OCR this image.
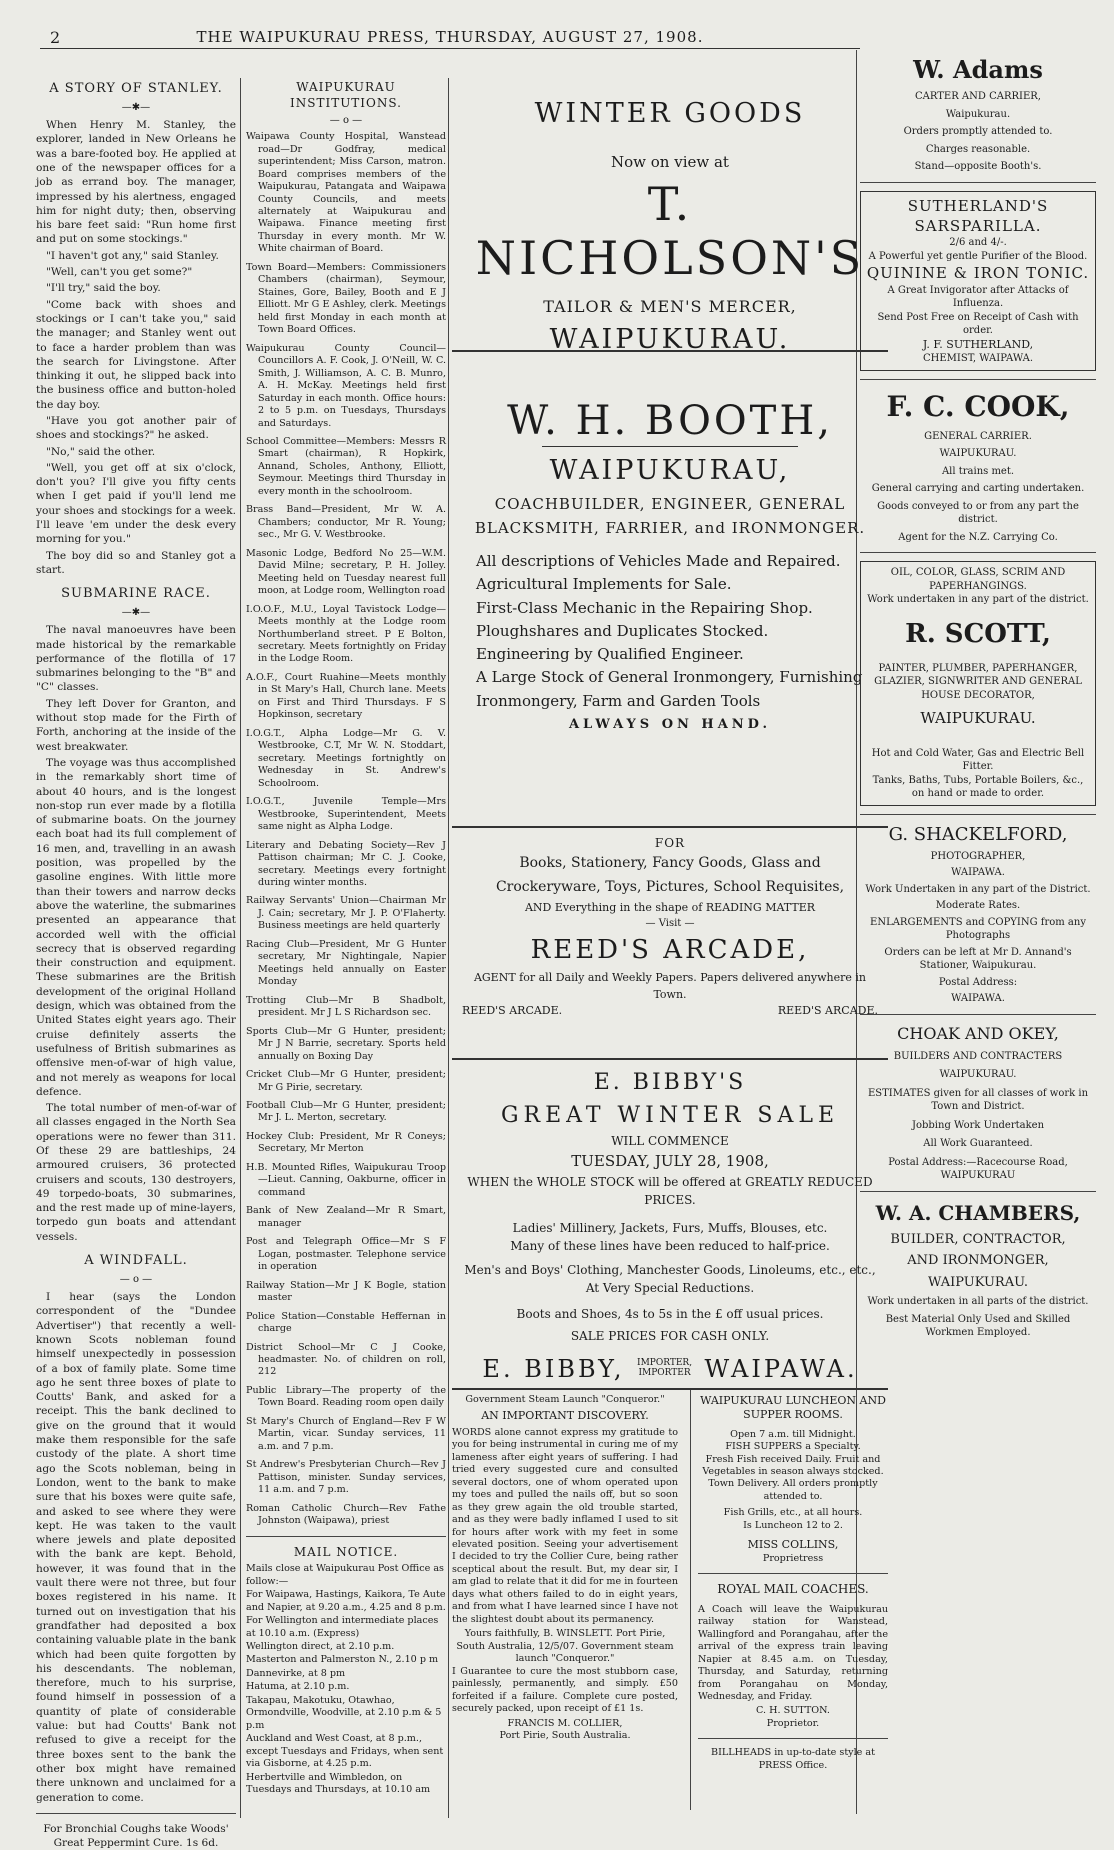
2	THE WAIPUKURAU PRESS, THURSDAY, AUGUST 27, 1908.
A STORY OF STANLEY.
—✱—

When Henry M. Stanley, the explorer, landed in New Orleans he was a bare-footed boy. He applied at one of the newspaper offices for a job as errand boy. The manager, impressed by his alertness, engaged him for night duty; then, observing his bare feet said: "Run home first and put on some stockings."

"I haven't got any," said Stanley.

"Well, can't you get some?"

"I'll try," said the boy.

"Come back with shoes and stockings or I can't take you," said the manager; and Stanley went out to face a harder problem than was the search for Livingstone. After thinking it out, he slipped back into the business office and button-holed the day boy.

"Have you got another pair of shoes and stockings?" he asked.

"No," said the other.

"Well, you get off at six o'clock, don't you? I'll give you fifty cents when I get paid if you'll lend me your shoes and stockings for a week. I'll leave 'em under the desk every morning for you."

The boy did so and Stanley got a start.

SUBMARINE RACE.
—✱—

The naval manoeuvres have been made historical by the remarkable performance of the flotilla of 17 submarines belonging to the "B" and "C" classes.

They left Dover for Granton, and without stop made for the Firth of Forth, anchoring at the inside of the west breakwater.

The voyage was thus accomplished in the remarkably short time of about 40 hours, and is the longest non-stop run ever made by a flotilla of submarine boats. On the journey each boat had its full complement of 16 men, and, travelling in an awash position, was propelled by the gasoline engines. With little more than their towers and narrow decks above the waterline, the submarines presented an appearance that accorded well with the official secrecy that is observed regarding their construction and equipment. These submarines are the British development of the original Holland design, which was obtained from the United States eight years ago. Their cruise definitely asserts the usefulness of British submarines as offensive men-of-war of high value, and not merely as weapons for local defence.

The total number of men-of-war of all classes engaged in the North Sea operations were no fewer than 311. Of these 29 are battleships, 24 armoured cruisers, 36 protected cruisers and scouts, 130 destroyers, 49 torpedo-boats, 30 submarines, and the rest made up of mine-layers, torpedo gun boats and attendant vessels.

A WINDFALL.
— o —

I hear (says the London correspondent of the "Dundee Advertiser") that recently a well-known Scots nobleman found himself unexpectedly in possession of a box of family plate. Some time ago he sent three boxes of plate to Coutts' Bank, and asked for a receipt. This the bank declined to give on the ground that it would make them responsible for the safe custody of the plate. A short time ago the Scots nobleman, being in London, went to the bank to make sure that his boxes were quite safe, and asked to see where they were kept. He was taken to the vault where jewels and plate deposited with the bank are kept. Behold, however, it was found that in the vault there were not three, but four boxes registered in his name. It turned out on investigation that his grandfather had deposited a box containing valuable plate in the bank which had been quite forgotten by his descendants. The nobleman, therefore, much to his surprise, found himself in possession of a quantity of plate of considerable value: but had Coutts' Bank not refused to give a receipt for the three boxes sent to the bank the other box might have remained there unknown and unclaimed for a generation to come.

For Bronchial Coughs take Woods' Great Peppermint Cure. 1s 6d.

WAIPUKURAU INSTITUTIONS.
— o —

Waipawa County Hospital, Wanstead road—Dr Godfray, medical superintendent; Miss Carson, matron. Board comprises members of the Waipukurau, Patangata and Waipawa County Councils, and meets alternately at Waipukurau and Waipawa. Finance meeting first Thursday in every month. Mr W. White chairman of Board.

Town Board—Members: Commissioners Chambers (chairman), Seymour, Staines, Gore, Bailey, Booth and E J Elliott. Mr G E Ashley, clerk. Meetings held first Monday in each month at Town Board Offices.

Waipukurau County Council—Councillors A. F. Cook, J. O'Neill, W. C. Smith, J. Williamson, A. C. B. Munro, A. H. McKay. Meetings held first Saturday in each month. Office hours: 2 to 5 p.m. on Tuesdays, Thursdays and Saturdays.

School Committee—Members: Messrs R Smart (chairman), R Hopkirk, Annand, Scholes, Anthony, Elliott, Seymour. Meetings third Thursday in every month in the schoolroom.

Brass Band—President, Mr W. A. Chambers; conductor, Mr R. Young; sec., Mr G. V. Westbrooke.

Masonic Lodge, Bedford No 25—W.M. David Milne; secretary, P. H. Jolley. Meeting held on Tuesday nearest full moon, at Lodge room, Wellington road

I.O.O.F., M.U., Loyal Tavistock Lodge—Meets monthly at the Lodge room Northumberland street. P E Bolton, secretary. Meets fortnightly on Friday in the Lodge Room.

A.O.F., Court Ruahine—Meets monthly in St Mary's Hall, Church lane. Meets on First and Third Thursdays. F S Hopkinson, secretary

I.O.G.T., Alpha Lodge—Mr G. V. Westbrooke, C.T, Mr W. N. Stoddart, secretary. Meetings fortnightly on Wednesday in St. Andrew's Schoolroom.

I.O.G.T., Juvenile Temple—Mrs Westbrooke, Superintendent, Meets same night as Alpha Lodge.

Literary and Debating Society—Rev J Pattison chairman; Mr C. J. Cooke, secretary. Meetings every fortnight during winter months.

Railway Servants' Union—Chairman Mr J. Cain; secretary, Mr J. P. O'Flaherty. Business meetings are held quarterly

Racing Club—President, Mr G Hunter secretary, Mr Nightingale, Napier Meetings held annually on Easter Monday

Trotting Club—Mr B Shadbolt, president. Mr J L S Richardson sec.

Sports Club—Mr G Hunter, president; Mr J N Barrie, secretary. Sports held annually on Boxing Day

Cricket Club—Mr G Hunter, president; Mr G Pirie, secretary.

Football Club—Mr G Hunter, president; Mr J. L. Merton, secretary.

Hockey Club: President, Mr R Coneys; Secretary, Mr Merton

H.B. Mounted Rifles, Waipukurau Troop—Lieut. Canning, Oakburne, officer in command

Bank of New Zealand—Mr R Smart, manager

Post and Telegraph Office—Mr S F Logan, postmaster. Telephone service in operation

Railway Station—Mr J K Bogle, station master

Police Station—Constable Heffernan in charge

District School—Mr C J Cooke, headmaster. No. of children on roll, 212

Public Library—The property of the Town Board. Reading room open daily

St Mary's Church of England—Rev F W Martin, vicar. Sunday services, 11 a.m. and 7 p.m.

St Andrew's Presbyterian Church—Rev J Pattison, minister. Sunday services, 11 a.m. and 7 p.m.

Roman Catholic Church—Rev Fathe Johnston (Waipawa), priest

MAIL NOTICE.

Mails close at Waipukurau Post Office as follow:—

For Waipawa, Hastings, Kaikora, Te Aute and Napier, at 9.20 a.m., 4.25 and 8 p.m.

For Wellington and intermediate places at 10.10 a.m. (Express)

Wellington direct, at 2.10 p.m.

Masterton and Palmerston N., 2.10 p m

Dannevirke, at 8 pm

Hatuma, at 2.10 p.m.

Takapau, Makotuku, Otawhao, Ormondville, Woodville, at 2.10 p.m & 5 p.m

Auckland and West Coast, at 8 p.m., except Tuesdays and Fridays, when sent via Gisborne, at 4.25 p.m.

Herbertville and Wimbledon, on Tuesdays and Thursdays, at 10.10 am

WINTER GOODS
Now on view at
T. NICHOLSON'S
TAILOR & MEN'S MERCER,
WAIPUKURAU.
W. H. BOOTH,
WAIPUKURAU,
COACHBUILDER, ENGINEER, GENERAL BLACKSMITH, FARRIER, and IRONMONGER.
All descriptions of Vehicles Made and Repaired.
Agricultural Implements for Sale.
First-Class Mechanic in the Repairing Shop.
Ploughshares and Duplicates Stocked.
Engineering by Qualified Engineer.
A Large Stock of General Ironmongery, Furnishing Ironmongery, Farm and Garden Tools
ALWAYS ON HAND.
FOR
Books, Stationery, Fancy Goods, Glass and Crockeryware, Toys, Pictures, School Requisites,
AND Everything in the shape of READING MATTER
— Visit —
REED'S ARCADE,
AGENT for all Daily and Weekly Papers. Papers delivered anywhere in Town.
REED'S ARCADE.	REED'S ARCADE.
E. BIBBY'S
GREAT WINTER SALE
WILL COMMENCE
TUESDAY, JULY 28, 1908,
WHEN the WHOLE STOCK will be offered at GREATLY REDUCED PRICES.
Ladies' Millinery, Jackets, Furs, Muffs, Blouses, etc.
Many of these lines have been reduced to half-price.
Men's and Boys' Clothing, Manchester Goods, Linoleums, etc., etc.,
At Very Special Reductions.
Boots and Shoes, 4s to 5s in the £ off usual prices.
SALE PRICES FOR CASH ONLY.
E. BIBBY, IMPORTER, IMPORTER WAIPAWA.
Government Steam Launch "Conqueror."
AN IMPORTANT DISCOVERY.

WORDS alone cannot express my gratitude to you for being instrumental in curing me of my lameness after eight years of suffering. I had tried every suggested cure and consulted several doctors, one of whom operated upon my toes and pulled the nails off, but so soon as they grew again the old trouble started, and as they were badly inflamed I used to sit for hours after work with my feet in some elevated position. Seeing your advertisement I decided to try the Collier Cure, being rather sceptical about the result. But, my dear sir, I am glad to relate that it did for me in fourteen days what others failed to do in eight years, and from what I have learned since I have not the slightest doubt about its permanency.

Yours faithfully, B. WINSLETT. Port Pirie, South Australia, 12/5/07. Government steam launch "Conqueror."

I Guarantee to cure the most stubborn case, painlessly, permanently, and simply. £50 forfeited if a failure. Complete cure posted, securely packed, upon receipt of £1 1s.

FRANCIS M. COLLIER,
Port Pirie, South Australia.
WAIPUKURAU LUNCHEON AND SUPPER ROOMS.
Open 7 a.m. till Midnight.
FISH SUPPERS a Specialty.
Fresh Fish received Daily. Fruit and Vegetables in season always stocked. Town Delivery. All orders promptly attended to.
Fish Grills, etc., at all hours.
Is Luncheon 12 to 2.
MISS COLLINS,
Proprietress
ROYAL MAIL COACHES.

A Coach will leave the Waipukurau railway station for Wanstead, Wallingford and Porangahau, after the arrival of the express train leaving Napier at 8.45 a.m. on Tuesday, Thursday, and Saturday, returning from Porangahau on Monday, Wednesday, and Friday.

C. H. SUTTON.
Proprietor.
BILLHEADS in up-to-date style at PRESS Office.
W. Adams
CARTER AND CARRIER,
Waipukurau.
Orders promptly attended to.
Charges reasonable.
Stand—opposite Booth's.
SUTHERLAND'S SARSPARILLA.
2/6 and 4/-.
A Powerful yet gentle Purifier of the Blood.
QUININE & IRON TONIC.
A Great Invigorator after Attacks of Influenza.
Send Post Free on Receipt of Cash with order.
J. F. SUTHERLAND,
CHEMIST, WAIPAWA.
F. C. COOK,
GENERAL CARRIER.
WAIPUKURAU.
All trains met.
General carrying and carting undertaken.
Goods conveyed to or from any part the district.
Agent for the N.Z. Carrying Co.
OIL, COLOR, GLASS, SCRIM AND PAPERHANGINGS.
Work undertaken in any part of the district.
R. SCOTT,
PAINTER, PLUMBER, PAPERHANGER, GLAZIER, SIGNWRITER AND GENERAL HOUSE DECORATOR,
WAIPUKURAU.
Hot and Cold Water, Gas and Electric Bell Fitter.
Tanks, Baths, Tubs, Portable Boilers, &c., on hand or made to order.
G. SHACKELFORD,
PHOTOGRAPHER,
WAIPAWA.
Work Undertaken in any part of the District.
Moderate Rates.
ENLARGEMENTS and COPYING from any Photographs
Orders can be left at Mr D. Annand's Stationer, Waipukurau.
Postal Address:
WAIPAWA.
CHOAK AND OKEY,
BUILDERS AND CONTRACTERS
WAIPUKURAU.
ESTIMATES given for all classes of work in Town and District.
Jobbing Work Undertaken
All Work Guaranteed.
Postal Address:—Racecourse Road, WAIPUKURAU
W. A. CHAMBERS,
BUILDER, CONTRACTOR,
AND IRONMONGER,
WAIPUKURAU.
Work undertaken in all parts of the district.
Best Material Only Used and Skilled Workmen Employed.
